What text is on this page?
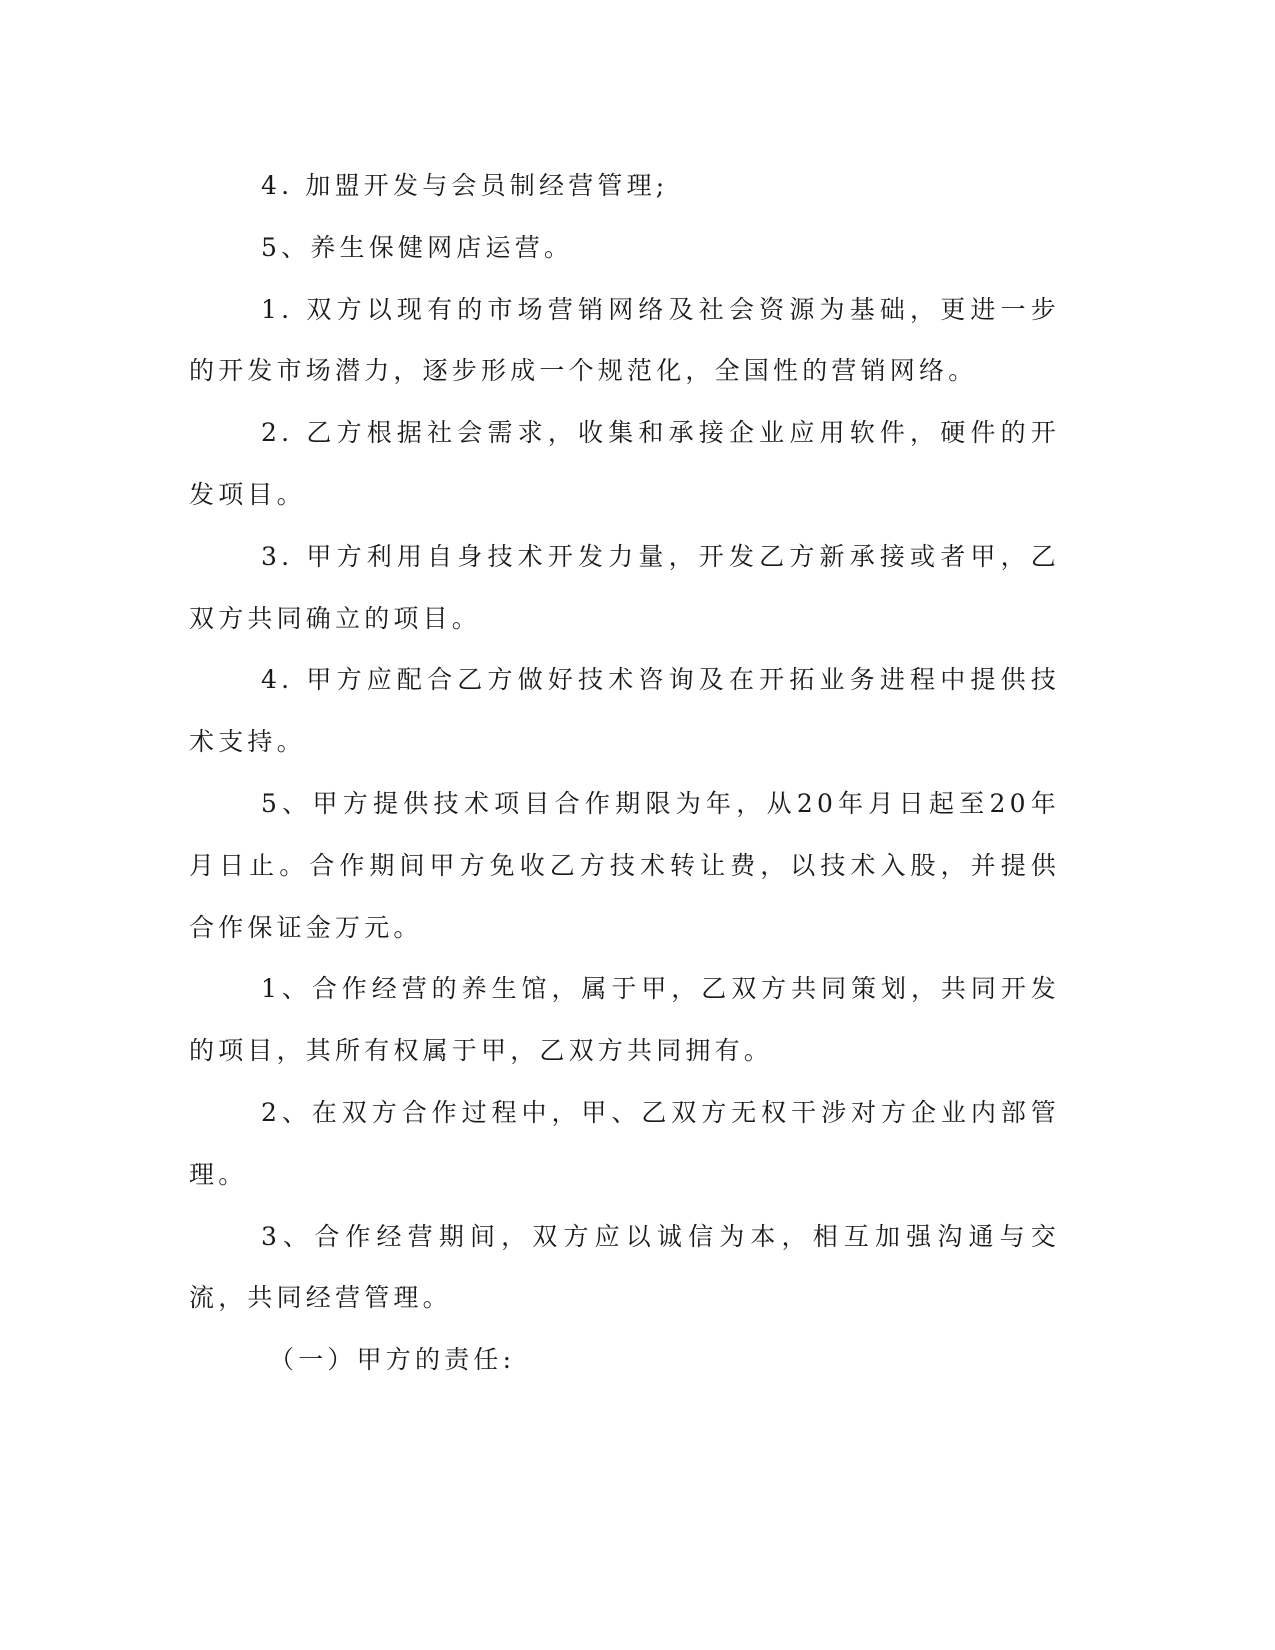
4. 加盟开发与会员制经营管理;

5、养生保健网店运营。

1. 双方以现有的市场营销网络及社会资源为基础，更进一步的开发市场潜力，逐步形成一个规范化，全国性的营销网络。

2. 乙方根据社会需求，收集和承接企业应用软件，硬件的开发项目。

3. 甲方利用自身技术开发力量，开发乙方新承接或者甲，乙双方共同确立的项目。

4. 甲方应配合乙方做好技术咨询及在开拓业务进程中提供技术支持。

5、甲方提供技术项目合作期限为年，从20年月日起至20年月日止。合作期间甲方免收乙方技术转让费，以技术入股，并提供合作保证金万元。

1、合作经营的养生馆，属于甲，乙双方共同策划，共同开发的项目，其所有权属于甲，乙双方共同拥有。

2、在双方合作过程中，甲、乙双方无权干涉对方企业内部管理。

3、合作经营期间，双方应以诚信为本，相互加强沟通与交流，共同经营管理。

（一）甲方的责任:
